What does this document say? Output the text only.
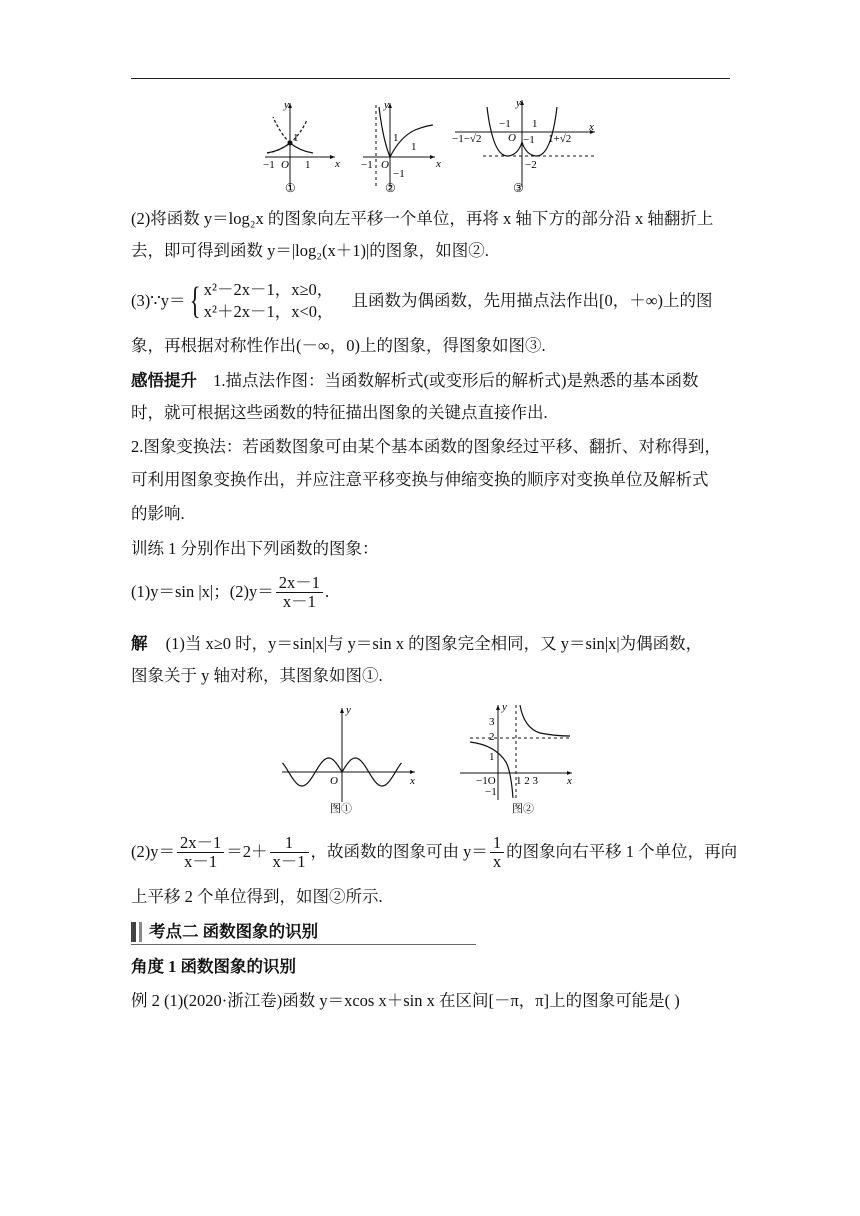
y
x
1
−1 O 1
①
y
x
1
−1 O
1
−1
②
y
x
−1 1
−1−√2 O −1 1+√2
−2
③
(2)将函数 y＝log₂x 的图象向左平移一个单位，再将 x 轴下方的部分沿 x 轴翻折上
去，即可得到函数 y＝|log₂(x＋1)|的图象，如图②.
(3)∵y＝ { x²－2x－1，x≥0，
x²＋2x－1，x<0，
且函数为偶函数，先用描点法作出[0，＋∞)上的图
象，再根据对称性作出(－∞，0)上的图象，得图象如图③.
感悟提升 1.描点法作图：当函数解析式(或变形后的解析式)是熟悉的基本函数
时，就可根据这些函数的特征描出图象的关键点直接作出.
2.图象变换法：若函数图象可由某个基本函数的图象经过平移、翻折、对称得到，
可利用图象变换作出，并应注意平移变换与伸缩变换的顺序对变换单位及解析式
的影响.
训练 1 分别作出下列函数的图象：
(1)y＝sin |x|；$(2)y= \frac{2x-1}{x-1}$ .
解 (1)当 x≥0 时，y＝sin|x|与 y＝sin x 的图象完全相同，又 y＝sin|x|为偶函数，
图象关于 y 轴对称，其图象如图①.
y
x
O
图①
y
x
3
2
1
−1O 1 2 3
−1
图②
$(2)y= \frac{2x-1}{x-1} =2+ \frac{1}{x-1}$ ，故函数的图象可由 $y= \frac{1}{x}$ 的图象向右平移 1 个单位，再向
上平移 2 个单位得到，如图②所示.
考点二 函数图象的识别
角度 1 函数图象的识别
例 2 (1)(2020·浙江卷)函数 y＝xcos x＋sin x 在区间[－π，π]上的图象可能是( )
